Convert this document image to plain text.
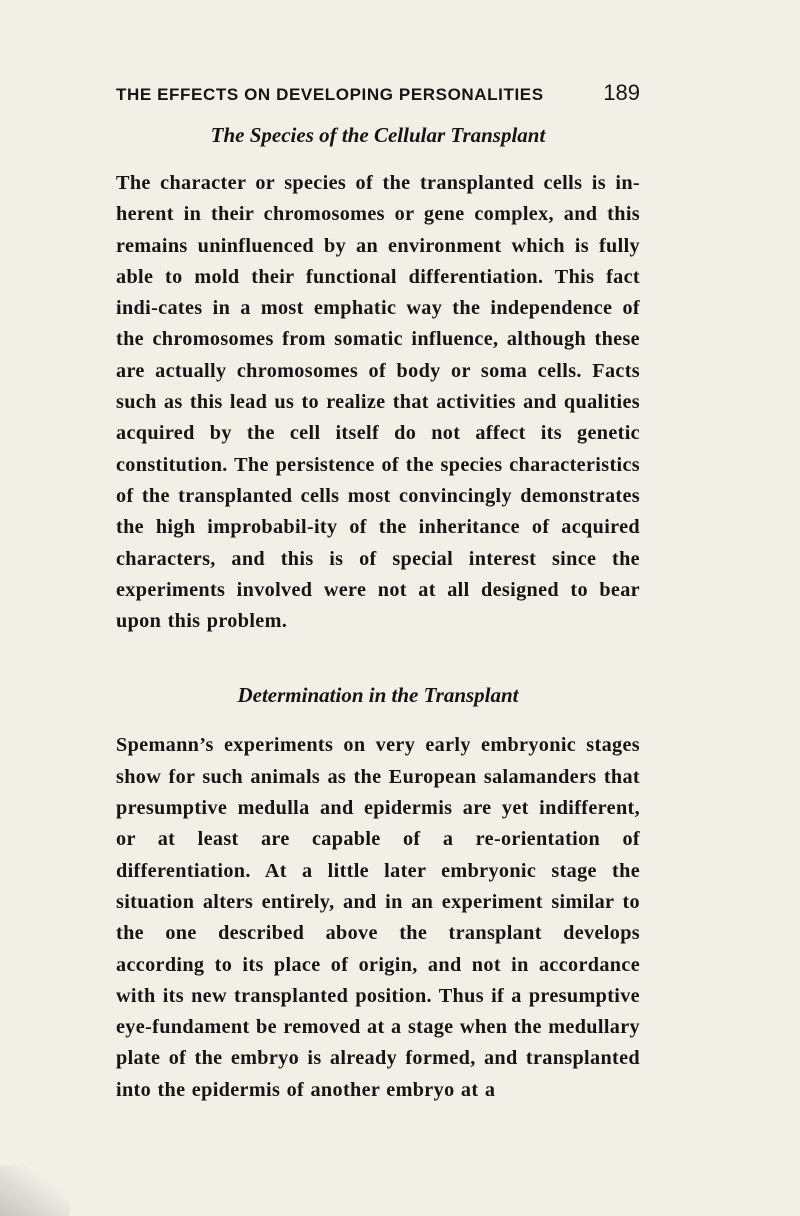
THE EFFECTS ON DEVELOPING PERSONALITIES	189
The Species of the Cellular Transplant

The character or species of the transplanted cells is in-herent in their chromosomes or gene complex, and this remains uninfluenced by an environment which is fully able to mold their functional differentiation. This fact indi-cates in a most emphatic way the independence of the chromosomes from somatic influence, although these are actually chromosomes of body or soma cells. Facts such as this lead us to realize that activities and qualities acquired by the cell itself do not affect its genetic constitution. The persistence of the species characteristics of the transplanted cells most convincingly demonstrates the high improbabil-ity of the inheritance of acquired characters, and this is of special interest since the experiments involved were not at all designed to bear upon this problem.

Determination in the Transplant

Spemann’s experiments on very early embryonic stages show for such animals as the European salamanders that presumptive medulla and epidermis are yet indifferent, or at least are capable of a re-orientation of differentiation. At a little later embryonic stage the situation alters entirely, and in an experiment similar to the one described above the transplant develops according to its place of origin, and not in accordance with its new transplanted position. Thus if a presumptive eye-fundament be removed at a stage when the medullary plate of the embryo is already formed, and transplanted into the epidermis of another embryo at a
